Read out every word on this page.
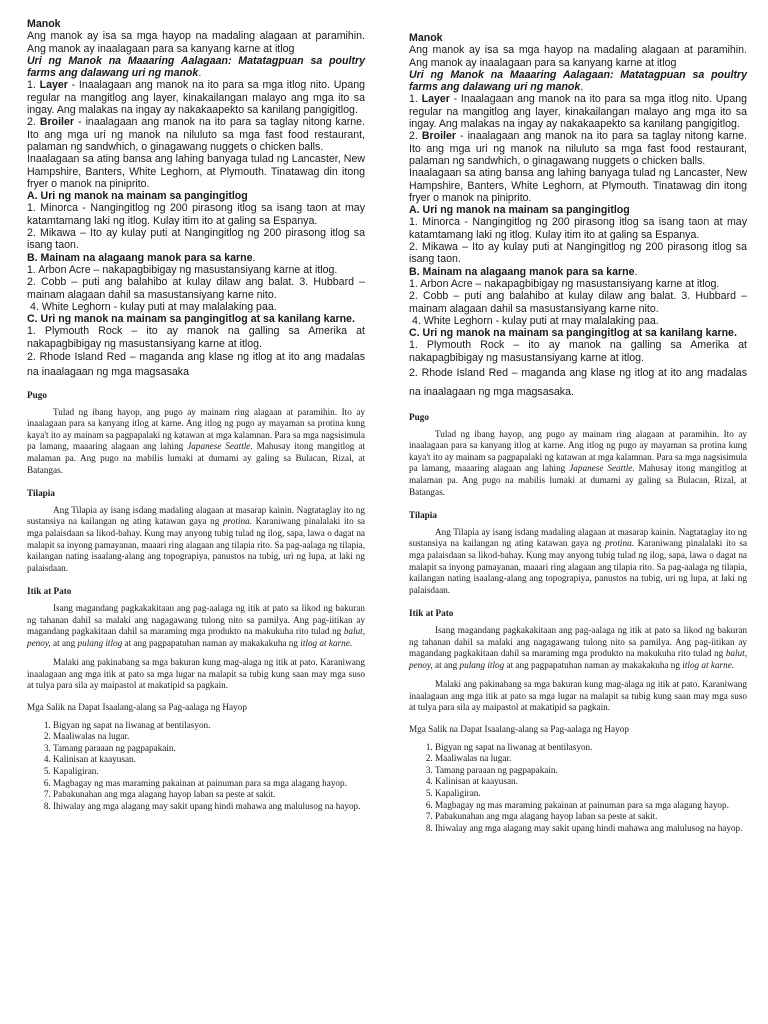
Manok

Ang manok ay isa sa mga hayop na madaling alagaan at paramihin. Ang manok ay inaalagaan para sa kanyang karne at itlog

Uri ng Manok na Maaaring Aalagaan: Matatagpuan sa poultry farms ang dalawang uri ng manok.

1. Layer - Inaalagaan ang manok na ito para sa mga itlog nito. Upang regular na mangitlog ang layer, kinakailangan malayo ang mga ito sa ingay. Ang malakas na ingay ay nakakaapekto sa kanilang pangigitlog.

2. Broiler - inaalagaan ang manok na ito para sa taglay nitong karne. Ito ang mga uri ng manok na niluluto sa mga fast food restaurant, palaman ng sandwhich, o ginagawang nuggets o chicken balls.

Inaalagaan sa ating bansa ang lahing banyaga tulad ng Lancaster, New Hampshire, Banters, White Leghorn, at Plymouth. Tinatawag din itong fryer o manok na piniprito.

A. Uri ng manok na mainam sa pangingitlog

1. Minorca - Nangingitlog ng 200 pirasong itlog sa isang taon at may katamtamang laki ng itlog. Kulay itim ito at galing sa Espanya.

2. Mikawa – Ito ay kulay puti at Nangingitlog ng 200 pirasong itlog sa isang taon.

B. Mainam na alagaang manok para sa karne.

1. Arbon Acre – nakapagbibigay ng masustansiyang karne at itlog.

2. Cobb – puti ang balahibo at kulay dilaw ang balat. 3. Hubbard – mainam alagaan dahil sa masustansiyang karne nito.

4. White Leghorn - kulay puti at may malalaking paa.

C. Uri ng manok na mainam sa pangingitlog at sa kanilang karne.

1. Plymouth Rock – ito ay manok na galling sa Amerika at nakapagbibigay ng masustansiyang karne at itlog.

2. Rhode Island Red – maganda ang klase ng itlog at ito ang madalas na inaalagaan ng mga magsasaka

Pugo

Tulad ng ibang hayop, ang pugo ay mainam ring alagaan at paramihin. Ito ay inaalagaan para sa kanyang itlog at karne. Ang itlog ng pugo ay mayaman sa protina kung kaya't ito ay mainam sa pagpapalaki ng katawan at mga kalamnan. Para sa mga nagsisimula pa lamang, maaaring alagaan ang lahing Japanese Seattle. Mahusay itong mangitlog at malaman pa. Ang pugo na mabilis lumaki at dumami ay galing sa Bulacan, Rizal, at Batangas.

Tilapia

Ang Tilapia ay isang isdang madaling alagaan at masarap kainin. Nagtataglay ito ng sustansiya na kailangan ng ating katawan gaya ng protina. Karaniwang pinalalaki ito sa mga palaisdaan sa likod-bahay. Kung may anyong tubig tulad ng ilog, sapa, lawa o dagat na malapit sa inyong pamayanan, maaari ring alagaan ang tilapia rito. Sa pag-aalaga ng tilapia, kailangan nating isaalang-alang ang topograpiya, panustos na tubig, uri ng lupa, at laki ng palaisdaan.

Itik at Pato

Isang magandang pagkakakitaan ang pag-aalaga ng itik at pato sa likod ng bakuran ng tahanan dahil sa malaki ang nagagawang tulong nito sa pamilya. Ang pag-iitikan ay magandang pagkakitaan dahil sa maraming mga produkto na makukuha rito tulad ng balut, penoy, at ang pulang itlog at ang pagpapatuhan naman ay makakakuha ng itlog at karne.

Malaki ang pakinabang sa mga bakuran kung mag-alaga ng itik at pato. Karaniwang inaalagaan ang mga itik at pato sa mga lugar na malapit sa tubig kung saan may mga suso at tulya para sila ay maipastol at makatipid sa pagkain.

Mga Salik na Dapat Isaalang-alang sa Pag-aalaga ng Hayop

1. Bigyan ng sapat na liwanag at bentilasyon.
2. Maaliwalas na lugar.
3. Tamang paraaan ng pagpapakain.
4. Kalinisan at kaayusan.
5. Kapaligiran.
6. Magbagay ng mas maraming pakainan at painuman para sa mga alagang hayop.
7. Pabakunahan ang mga alagang hayop laban sa peste at sakit.
8. Ihiwalay ang mga alagang may sakit upang hindi mahawa ang malulusog na hayop.

Manok

Ang manok ay isa sa mga hayop na madaling alagaan at paramihin. Ang manok ay inaalagaan para sa kanyang karne at itlog

Uri ng Manok na Maaaring Aalagaan: Matatagpuan sa poultry farms ang dalawang uri ng manok.

1. Layer - Inaalagaan ang manok na ito para sa mga itlog nito. Upang regular na mangitlog ang layer, kinakailangan malayo ang mga ito sa ingay. Ang malakas na ingay ay nakakaapekto sa kanilang pangigitlog.

2. Broiler - inaalagaan ang manok na ito para sa taglay nitong karne. Ito ang mga uri ng manok na niluluto sa mga fast food restaurant, palaman ng sandwhich, o ginagawang nuggets o chicken balls.

Inaalagaan sa ating bansa ang lahing banyaga tulad ng Lancaster, New Hampshire, Banters, White Leghorn, at Plymouth. Tinatawag din itong fryer o manok na piniprito.

A. Uri ng manok na mainam sa pangingitlog

1. Minorca - Nangingitlog ng 200 pirasong itlog sa isang taon at may katamtamang laki ng itlog. Kulay itim ito at galing sa Espanya.

2. Mikawa – Ito ay kulay puti at Nangingitlog ng 200 pirasong itlog sa isang taon.

B. Mainam na alagaang manok para sa karne.

1. Arbon Acre – nakapagbibigay ng masustansiyang karne at itlog.

2. Cobb – puti ang balahibo at kulay dilaw ang balat. 3. Hubbard – mainam alagaan dahil sa masustansiyang karne nito.

4. White Leghorn - kulay puti at may malalaking paa.

C. Uri ng manok na mainam sa pangingitlog at sa kanilang karne.

1. Plymouth Rock – ito ay manok na galling sa Amerika at nakapagbibigay ng masustansiyang karne at itlog.

2. Rhode Island Red – maganda ang klase ng itlog at ito ang madalas na inaalagaan ng mga magsasaka.

Pugo

Tulad ng ibang hayop, ang pugo ay mainam ring alagaan at paramihin. Ito ay inaalagaan para sa kanyang itlog at karne. Ang itlog ng pugo ay mayaman sa protina kung kaya't ito ay mainam sa pagpapalaki ng katawan at mga kalamnan. Para sa mga nagsisimula pa lamang, maaaring alagaan ang lahing Japanese Seattle. Mahusay itong mangitlog at malaman pa. Ang pugo na mabilis lumaki at dumami ay galing sa Bulacan, Rizal, at Batangas.

Tilapia

Ang Tilapia ay isang isdang madaling alagaan at masarap kainin. Nagtataglay ito ng sustansiya na kailangan ng ating katawan gaya ng protina. Karaniwang pinalalaki ito sa mga palaisdaan sa likod-bahay. Kung may anyong tubig tulad ng ilog, sapa, lawa o dagat na malapit sa inyong pamayanan, maaari ring alagaan ang tilapia rito. Sa pag-aalaga ng tilapia, kailangan nating isaalang-alang ang topograpiya, panustos na tubig, uri ng lupa, at laki ng palaisdaan.

Itik at Pato

Isang magandang pagkakakitaan ang pag-aalaga ng itik at pato sa likod ng bakuran ng tahanan dahil sa malaki ang nagagawang tulong nito sa pamilya. Ang pag-iitikan ay magandang pagkakitaan dahil sa maraming mga produkto na makukuha rito tulad ng balut, penoy, at ang pulang itlog at ang pagpapatuhan naman ay makakakuha ng itlog at karne.

Malaki ang pakinabang sa mga bakuran kung mag-alaga ng itik at pato. Karaniwang inaalagaan ang mga itik at pato sa mga lugar na malapit sa tubig kung saan may mga suso at tulya para sila ay maipastol at makatipid sa pagkain.

Mga Salik na Dapat Isaalang-alang sa Pag-aalaga ng Hayop

1. Bigyan ng sapat na liwanag at bentilasyon.
2. Maaliwalas na lugar.
3. Tamang paraaan ng pagpapakain.
4. Kalinisan at kaayusan.
5. Kapaligiran.
6. Magbagay ng mas maraming pakainan at painuman para sa mga alagang hayop.
7. Pabakunahan ang mga alagang hayop laban sa peste at sakit.
8. Ihiwalay ang mga alagang may sakit upang hindi mahawa ang malulusog na hayop.
